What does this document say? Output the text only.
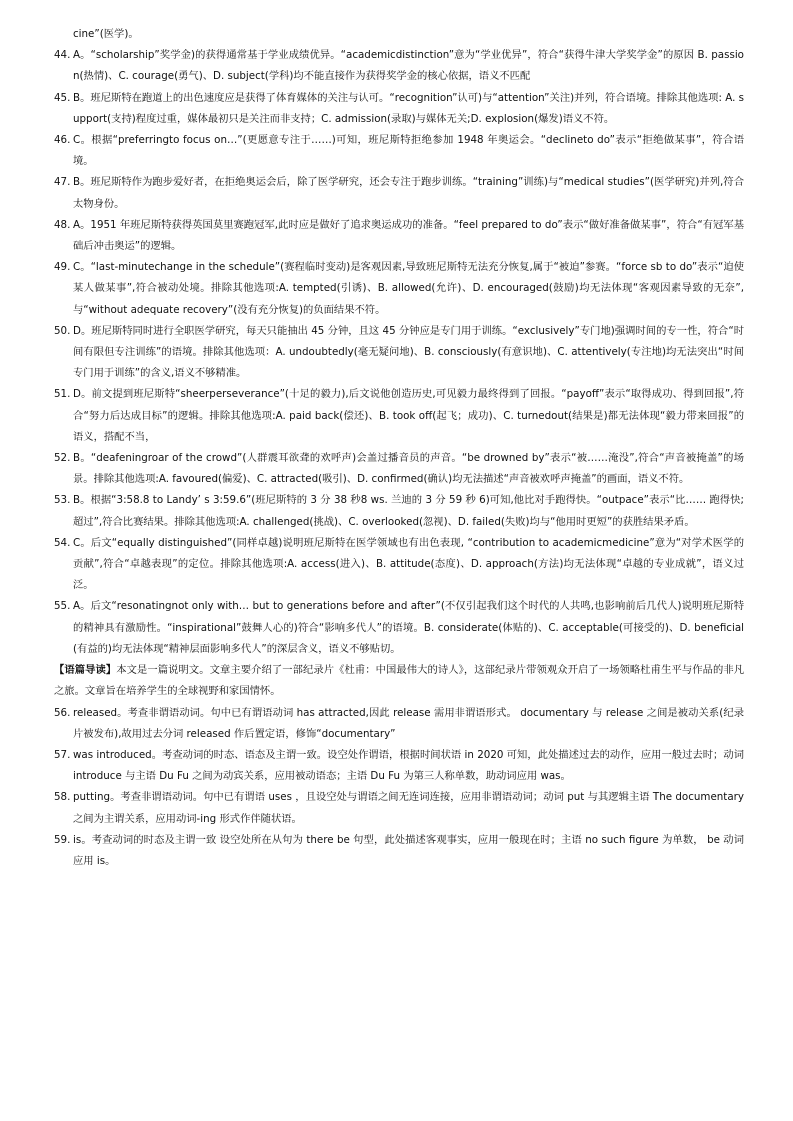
cine”(医学)。
44. A。“scholarship”奖学金)的获得通常基于学业成绩优异。“academicdistinction”意为“学业优异”，符合“获得牛津大学奖学金”的原因 B. passion(热情)、C. courage(勇气)、D. subject(学科)均不能直接作为获得奖学金的核心依据，语义不匹配
45. B。班尼斯特在跑道上的出色速度应是获得了体育媒体的关注与认可。“recognition”认可)与“attention”关注)并列，符合语境。排除其他选项: A. support(支持)程度过重，媒体最初只是关注而非支持；C. admission(录取)与媒体无关;D. explosion(爆发)语义不符。
46. C。根据“preferringto focus on…”(更愿意专注于……)可知，班尼斯特拒绝参加 1948 年奥运会。“declineto do”表示“拒绝做某事”，符合语境。
47. B。班尼斯特作为跑步爱好者，在拒绝奥运会后，除了医学研究，还会专注于跑步训练。“training”训练)与“medical studies”(医学研究)并列,符合太物身份。
48. A。1951 年班尼斯特获得英国莫里赛跑冠军,此时应是做好了追求奥运成功的准备。“feel prepared to do”表示“做好准备做某事”，符合“有冠军基础后冲击奥运”的逻辑。
49. C。“last-minutechange in the schedule”(赛程临时变动)是客观因素,导致班尼斯特无法充分恢复,属于“被迫”参赛。“force sb to do”表示“迫使某人做某事”,符合被动处境。排除其他选项:A. tempted(引诱)、B. allowed(允许)、D. encouraged(鼓励)均无法体现“客观因素导致的无奈”,与“without adequate recovery”(没有充分恢复)的负面结果不符。
50. D。班尼斯特同时进行全职医学研究，每天只能抽出 45 分钟，且这 45 分钟应是专门用于训练。“exclusively”专门地)强调时间的专一性，符合“时间有限但专注训练”的语境。排除其他选项：A. undoubtedly(毫无疑问地)、B. consciously(有意识地)、C. attentively(专注地)均无法突出“时间专门用于训练”的含义,语义不够精准。
51. D。前文提到班尼斯特“sheerperseverance”(十足的毅力),后文说他创造历史,可见毅力最终得到了回报。“payoff”表示“取得成功、得到回报”,符合“努力后达成目标”的逻辑。排除其他选项:A. paid back(偿还)、B. took off(起飞；成功)、C. turnedout(结果是)都无法体现“毅力带来回报”的语义，搭配不当，
52. B。“deafeningroar of the crowd”(人群震耳欲聋的欢呼声)会盖过播音员的声音。“be drowned by”表示“被……淹没”,符合“声音被掩盖”的场景。排除其他选项:A. favoured(偏爱)、C. attracted(吸引)、D. confirmed(确认)均无法描述“声音被欢呼声掩盖”的画面，语义不符。
53. B。根据“3:58.8 to Landy’ s 3:59.6”(班尼斯特的 3 分 38 秒8 ws. 兰迪的 3 分 59 秒 6)可知,他比对手跑得快。“outpace”表示“比…… 跑得快;超过”,符合比赛结果。排除其他选项:A. challenged(挑战)、C. overlooked(忽视)、D. failed(失败)均与“他用时更短”的获胜结果矛盾。
54. C。后文“equally distinguished”(同样卓越)说明班尼斯特在医学领域也有出色表现, “contribution to academicmedicine”意为“对学术医学的贡献”,符合“卓越表现”的定位。排除其他选项:A. access(进入)、B. attitude(态度)、D. approach(方法)均无法体现“卓越的专业成就”，语义过泛。
55. A。后文“resonatingnot only with… but to generations before and after”(不仅引起我们这个时代的人共鸣,也影响前后几代人)说明班尼斯特的精神具有激励性。“inspirational”鼓舞人心的)符合“影响多代人”的语境。B. considerate(体贴的)、C. acceptable(可接受的)、D. beneficial(有益的)均无法体现“精神层面影响多代人”的深层含义，语义不够贴切。
【语篇导读】本文是一篇说明文。文章主要介绍了一部纪录片《杜甫：中国最伟大的诗人》，这部纪录片带领观众开启了一场领略杜甫生平与作品的非凡之旅。文章旨在培养学生的全球视野和家国情怀。
56. released。考查非谓语动词。句中已有谓语动词 has attracted,因此 release 需用非谓语形式。 documentary 与 release 之间是被动关系(纪录片被发布),故用过去分词 released 作后置定语，修饰“documentary”
57. was introduced。考查动词的时态、语态及主谓一致。设空处作谓语，根据时间状语 in 2020 可知，此处描述过去的动作，应用一般过去时；动词 introduce 与主语 Du Fu 之间为动宾关系，应用被动语态；主语 Du Fu 为第三人称单数，助动词应用 was。
58. putting。考查非谓语动词。句中已有谓语 uses ，且设空处与谓语之间无连词连接，应用非谓语动词；动词 put 与其逻辑主语 The documentary 之间为主谓关系，应用动词-ing 形式作伴随状语。
59. is。考查动词的时态及主谓一致 设空处所在从句为 there be 句型，此处描述客观事实，应用一般现在时；主语 no such figure 为单数， be 动词应用 is。
